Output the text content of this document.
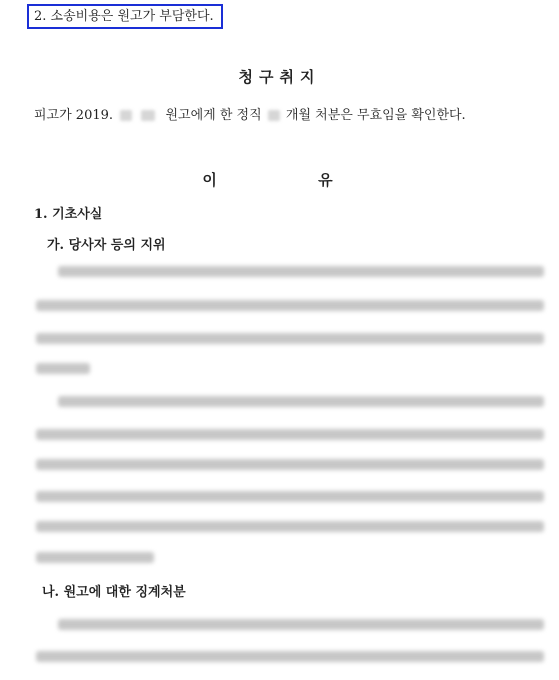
2. 소송비용은 원고가 부담한다.
청구취지
피고가 2019.	원고에게 한 정직 개월 처분은 무효임을 확인한다.
이 유
1. 기초사실
가. 당사자 등의 지위
나. 원고에 대한 징계처분
